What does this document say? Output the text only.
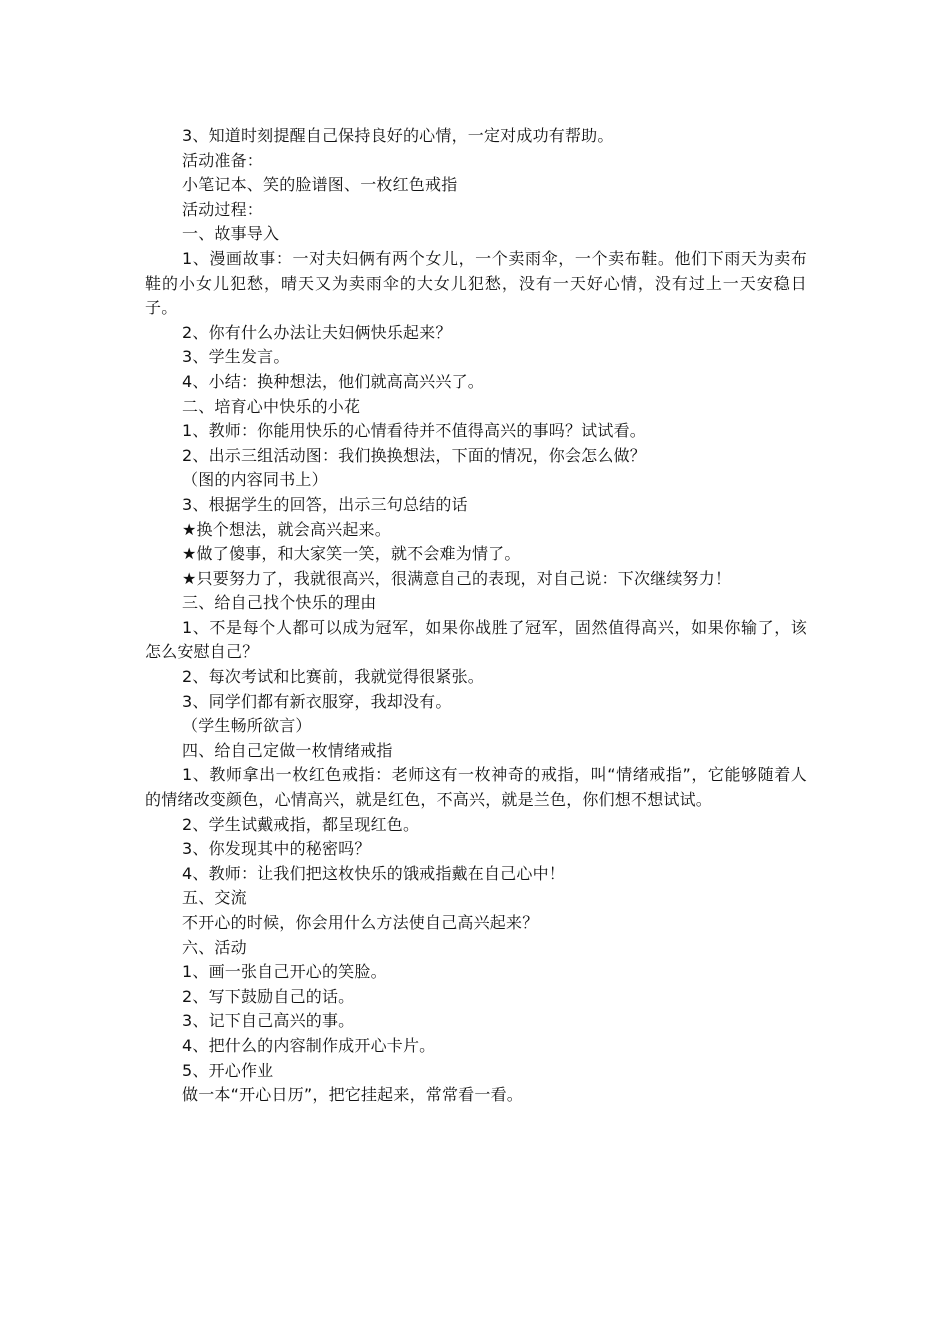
3、知道时刻提醒自己保持良好的心情，一定对成功有帮助。

活动准备：

小笔记本、笑的脸谱图、一枚红色戒指

活动过程：

一、故事导入

1、漫画故事：一对夫妇俩有两个女儿，一个卖雨伞，一个卖布鞋。他们下雨天为卖布鞋的小女儿犯愁，晴天又为卖雨伞的大女儿犯愁，没有一天好心情，没有过上一天安稳日子。

2、你有什么办法让夫妇俩快乐起来？

3、学生发言。

4、小结：换种想法，他们就高高兴兴了。

二、培育心中快乐的小花

1、教师：你能用快乐的心情看待并不值得高兴的事吗？试试看。

2、出示三组活动图：我们换换想法，下面的情况，你会怎么做？

（图的内容同书上）

3、根据学生的回答，出示三句总结的话

★换个想法，就会高兴起来。

★做了傻事，和大家笑一笑，就不会难为情了。

★只要努力了，我就很高兴，很满意自己的表现，对自己说：下次继续努力！

三、给自己找个快乐的理由

1、不是每个人都可以成为冠军，如果你战胜了冠军，固然值得高兴，如果你输了，该怎么安慰自己？

2、每次考试和比赛前，我就觉得很紧张。

3、同学们都有新衣服穿，我却没有。

（学生畅所欲言）

四、给自己定做一枚情绪戒指

1、教师拿出一枚红色戒指：老师这有一枚神奇的戒指，叫“情绪戒指”，它能够随着人的情绪改变颜色，心情高兴，就是红色，不高兴，就是兰色，你们想不想试试。

2、学生试戴戒指，都呈现红色。

3、你发现其中的秘密吗？

4、教师：让我们把这枚快乐的饿戒指戴在自己心中！

五、交流

不开心的时候，你会用什么方法使自己高兴起来？

六、活动

1、画一张自己开心的笑脸。

2、写下鼓励自己的话。

3、记下自己高兴的事。

4、把什么的内容制作成开心卡片。

5、开心作业

做一本“开心日历”，把它挂起来，常常看一看。
